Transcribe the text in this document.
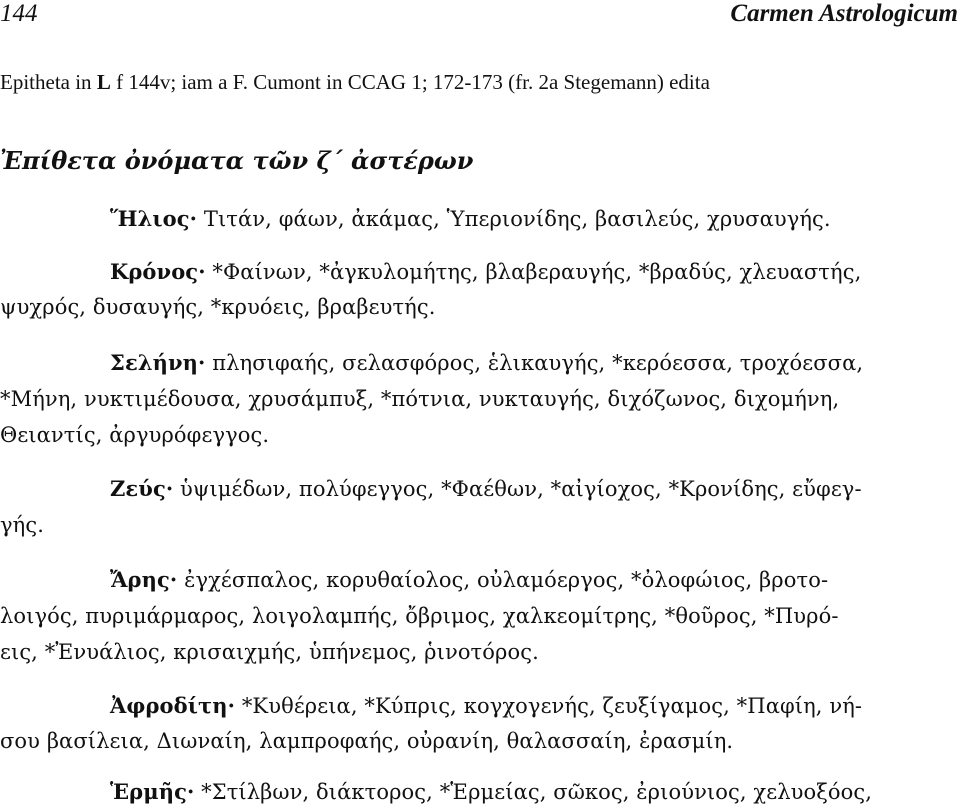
144	Carmen Astrologicum
Epitheta in L f 144v; iam a F. Cumont in CCAG 1; 172-173 (fr. 2a Stegemann) edita
Ἐπίθετα ὀνόματα τῶν ζ´ ἀστέρων
Ἥλιος· Τιτάν, φάων, ἀκάμας, Ὑπεριονίδης, βασιλεύς, χρυσαυγής.
Κρόνος· *Φαίνων, *ἀγκυλομήτης, βλαβεραυγής, *βραδύς, χλευαστής,
ψυχρός, δυσαυγής, *κρυόεις, βραβευτής.
Σελήνη· πλησιφαής, σελασφόρος, ἑλικαυγής, *κερόεσσα, τροχόεσσα,
*Μήνη, νυκτιμέδουσα, χρυσάμπυξ, *πότνια, νυκταυγής, διχόζωνος, διχομήνη,
Θειαντίς, ἀργυρόφεγγος.
Ζεύς· ὑψιμέδων, πολύφεγγος, *Φαέθων, *αἰγίοχος, *Κρονίδης, εὔφεγ-
γής.
Ἄρης· ἐγχέσπαλος, κορυθαίολος, οὐλαμόεργος, *ὀλοφώιος, βροτο-
λοιγός, πυριμάρμαρος, λοιγολαμπής, ὄβριμος, χαλκεομίτρης, *θοῦρος, *Πυρό-
εις, *Ἐνυάλιος, κρισαιχμής, ὑπήνεμος, ῥινοτόρος.
Ἀφροδίτη· *Κυθέρεια, *Κύπρις, κογχογενής, ζευξίγαμος, *Παφίη, νή-
σου βασίλεια, Διωναίη, λαμπροφαής, οὐρανίη, θαλασσαίη, ἐρασμίη.
Ἑρμῆς· *Στίλβων, διάκτορος, *Ἑρμείας, σῶκος, ἐριούνιος, χελυοξόος,
